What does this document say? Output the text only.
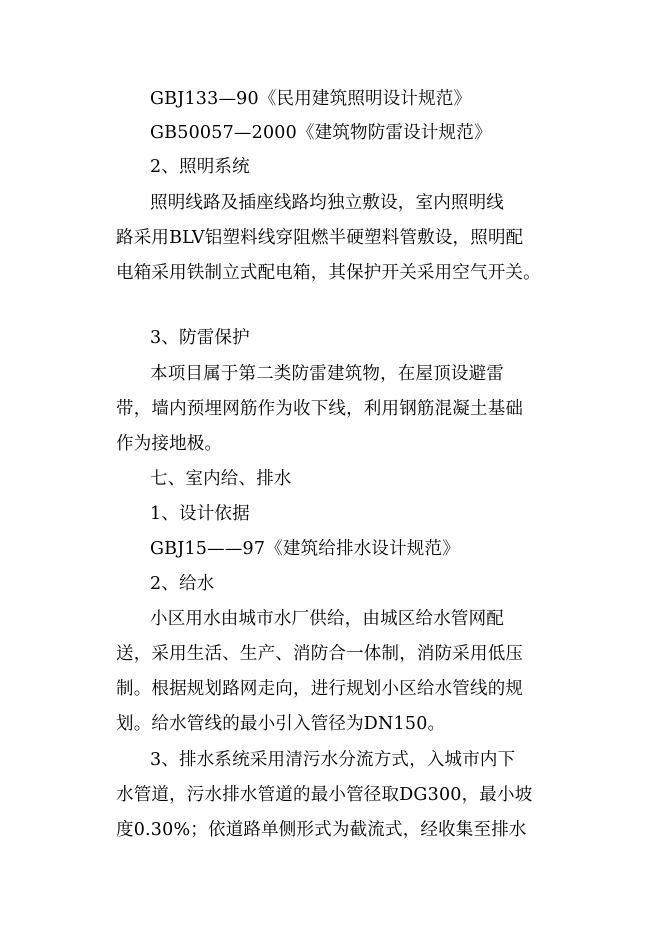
GBJ133—90《民用建筑照明设计规范》
GB50057—2000《建筑物防雷设计规范》
2、照明系统
照明线路及插座线路均独立敷设，室内照明线
路采用BLV铝塑料线穿阻燃半硬塑料管敷设，照明配
电箱采用铁制立式配电箱，其保护开关采用空气开关。
3、防雷保护
本项目属于第二类防雷建筑物，在屋顶设避雷
带，墙内预埋网筋作为收下线，利用钢筋混凝土基础
作为接地极。
七、室内给、排水
1、设计依据
GBJ15——97《建筑给排水设计规范》
2、给水
小区用水由城市水厂供给，由城区给水管网配
送，采用生活、生产、消防合一体制，消防采用低压
制。根据规划路网走向，进行规划小区给水管线的规
划。给水管线的最小引入管径为DN150。
3、排水系统采用清污水分流方式，入城市内下
水管道，污水排水管道的最小管径取DG300，最小坡
度0.30%；依道路单侧形式为截流式，经收集至排水
